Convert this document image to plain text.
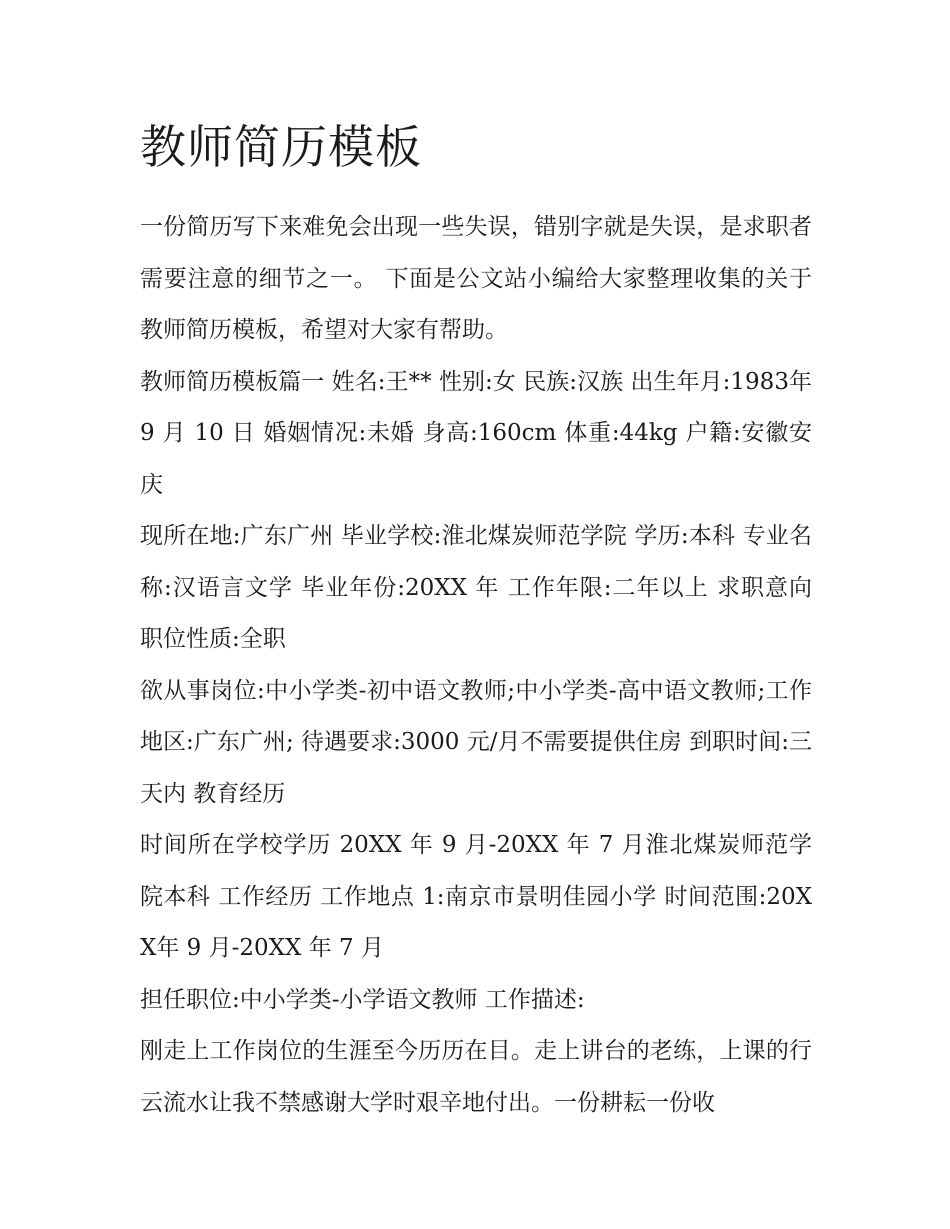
教师简历模板

一份简历写下来难免会出现一些失误，错别字就是失误，是求职者需要注意的细节之一。 下面是公文站小编给大家整理收集的关于教师简历模板，希望对大家有帮助。

教师简历模板篇一 姓名:王** 性别:女 民族:汉族 出生年月:1983年 9 月 10 日 婚姻情况:未婚 身高:160cm 体重:44kg 户籍:安徽安庆

现所在地:广东广州 毕业学校:淮北煤炭师范学院 学历:本科 专业名称:汉语言文学 毕业年份:20XX 年 工作年限:二年以上 求职意向 职位性质:全职

欲从事岗位:中小学类-初中语文教师;中小学类-高中语文教师;工作地区:广东广州; 待遇要求:3000 元/月不需要提供住房 到职时间:三天内 教育经历

时间所在学校学历 20XX 年 9 月-20XX 年 7 月淮北煤炭师范学院本科 工作经历 工作地点 1:南京市景明佳园小学 时间范围:20XX年 9 月-20XX 年 7 月

担任职位:中小学类-小学语文教师 工作描述:

刚走上工作岗位的生涯至今历历在目。走上讲台的老练，上课的行云流水让我不禁感谢大学时艰辛地付出。一份耕耘一份收
